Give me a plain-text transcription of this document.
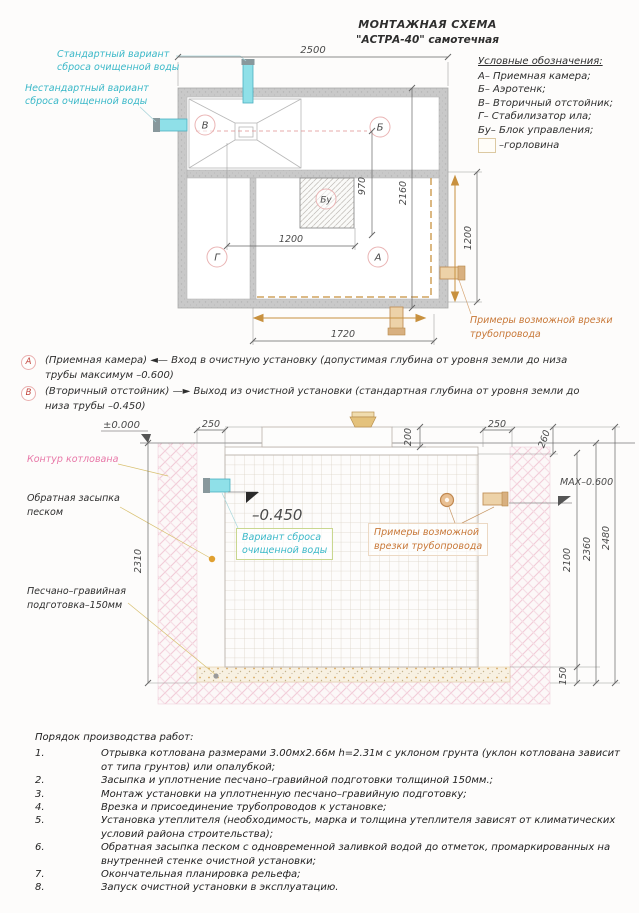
В	Б
Г	А
Бу
2500
970	2160
1200	1200
1720
±0.000
–0.450
МАХ–0.600
250	250
200	260
2100
150
2360 2480
2310
МОНТАЖНАЯ СХЕМА
"АСТРА-40" самотечная
Условные обозначения:
А– Приемная камера;
Б– Аэротенк;
В– Вторичный отстойник;
Г– Стабилизатор ила;
Бу– Блок управления;
–горловина
Стандартный вариант
сброса очищенной воды
Нестандартный вариант
сброса очищенной воды
Примеры возможной врезки
трубопровода
А	(Приемная камера) ◄— Вход в очистную установку (допустимая глубина от уровня земли до низа трубы максимум –0.600)
В	(Вторичный отстойник) —► Выход из очистной установки (стандартная глубина от уровня земли до низа трубы –0.450)
Контур котлована
Обратная засыпка
песком
Песчано–гравийная
подготовка–150мм
Вариант сброса
очищенной воды
Примеры возможной
врезки трубопровода
Порядок производства работ:
1.	Отрывка котлована размерами 3.00мх2.66м h=2.31м с уклоном грунта (уклон котлована зависит от типа грунтов) или опалубкой;
2.	Засыпка и уплотнение песчано–гравийной подготовки толщиной 150мм.;
3.	Монтаж установки на уплотненную песчано–гравийную подготовку;
4.	Врезка и присоединение трубопроводов к установке;
5.	Установка утеплителя (необходимость, марка и толщина утеплителя зависят от климатических условий района строительства);
6.	Обратная засыпка песком с одновременной заливкой водой до отметок, промаркированных на внутренней стенке очистной установки;
7.	Окончательная планировка рельефа;
8.	Запуск очистной установки в эксплуатацию.
